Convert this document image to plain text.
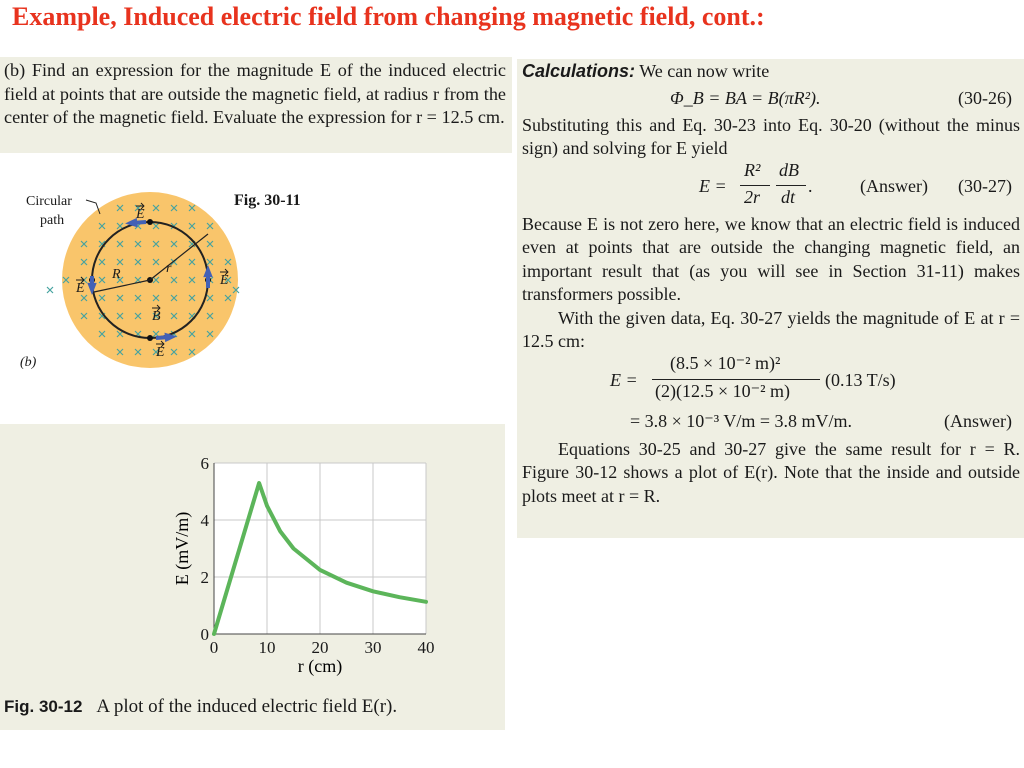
Example, Induced electric field from changing magnetic field, cont.:

(b) Find an expression for the magnitude E of the induced electric field at points that are outside the magnetic field, at radius r from the center of the magnetic field. Evaluate the expression for r = 12.5 cm.

E
E
E
E
B
R	r
Fig. 30-11
Circular path
(b)

Calculations: We can now write

Φ_B = BA = B(πR²).	(30-26)

Substituting this and Eq. 30-23 into Eq. 30-20 (without the minus sign) and solving for E yield

E =
R²
2r
dB
dt
.	(Answer) (30-27)

Because E is not zero here, we know that an electric field is induced even at points that are outside the changing magnetic field, an important result that (as you will see in Section 31-11) makes transformers possible.

With the given data, Eq. 30-27 yields the magnitude of E at r = 12.5 cm:

E =
(8.5 × 10⁻² m)²
(2)(12.5 × 10⁻² m)
(0.13 T/s)
= 3.8 × 10⁻³ V/m = 3.8 mV/m.	(Answer)

Equations 30-25 and 30-27 give the same result for r = R. Figure 30-12 shows a plot of E(r). Note that the inside and outside plots meet at r = R.

0 10 20 30 40
0
2
4
6
r (cm)
E (mV/m)
Fig. 30-12 A plot of the induced electric field E(r).
